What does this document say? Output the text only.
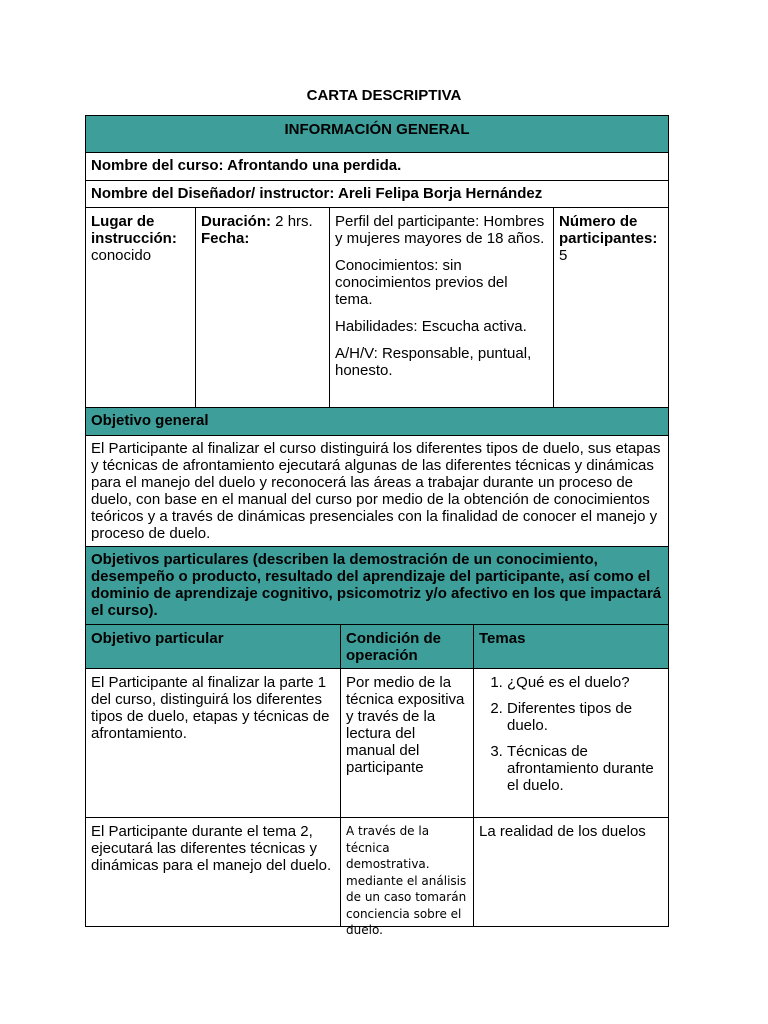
CARTA DESCRIPTIVA
INFORMACIÓN GENERAL
Nombre del curso: Afrontando una perdida.
Nombre del Diseñador/ instructor: Areli Felipa Borja Hernández
Lugar de instrucción:
conocido
Duración: 2 hrs.
Fecha:

Perfil del participante: Hombres y mujeres mayores de 18 años.

Conocimientos: sin conocimientos previos del tema.

Habilidades: Escucha activa.

A/H/V: Responsable, puntual, honesto.

Número de participantes:
5
Objetivo general
El Participante al finalizar el curso distinguirá los diferentes tipos de duelo, sus etapas y técnicas de afrontamiento ejecutará algunas de las diferentes técnicas y dinámicas para el manejo del duelo y reconocerá las áreas a trabajar durante un proceso de duelo, con base en el manual del curso por medio de la obtención de conocimientos teóricos y a través de dinámicas presenciales con la finalidad de conocer el manejo y proceso de duelo.
Objetivos particulares (describen la demostración de un conocimiento, desempeño o producto, resultado del aprendizaje del participante, así como el dominio de aprendizaje cognitivo, psicomotriz y/o afectivo en los que impactará el curso).
Objetivo particular	Condición de operación
Temas
El Participante al finalizar la parte 1 del curso, distinguirá los diferentes tipos de duelo, etapas y técnicas de afrontamiento.
Por medio de la técnica expositiva y través de la lectura del manual del participante
1. ¿Qué es el duelo?
2. Diferentes tipos de duelo.
3. Técnicas de afrontamiento durante el duelo.
El Participante durante el tema 2, ejecutará las diferentes técnicas y dinámicas para el manejo del duelo.
A través de la técnica demostrativa. mediante el análisis de un caso tomarán conciencia sobre el duelo.
La realidad de los duelos
